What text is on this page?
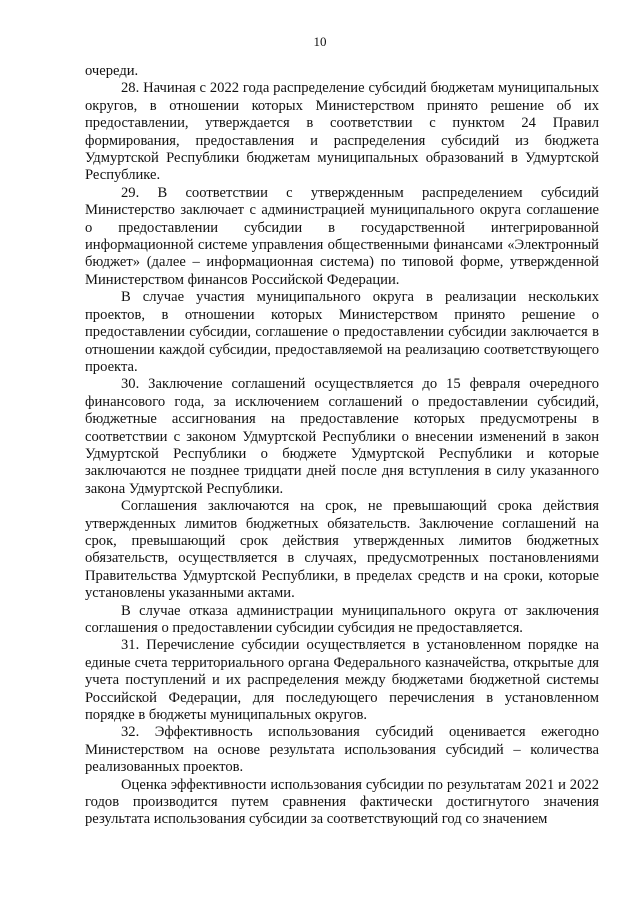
10

очереди.

28. Начиная с 2022 года распределение субсидий бюджетам муниципальных округов, в отношении которых Министерством принято решение об их предоставлении, утверждается в соответствии с пунктом 24 Правил формирования, предоставления и распределения субсидий из бюджета Удмуртской Республики бюджетам муниципальных образований в Удмуртской Республике.

29. В соответствии с утвержденным распределением субсидий Министерство заключает с администрацией муниципального округа соглашение о предоставлении субсидии в государственной интегрированной информационной системе управления общественными финансами «Электронный бюджет» (далее – информационная система) по типовой форме, утвержденной Министерством финансов Российской Федерации.

В случае участия муниципального округа в реализации нескольких проектов, в отношении которых Министерством принято решение о предоставлении субсидии, соглашение о предоставлении субсидии заключается в отношении каждой субсидии, предоставляемой на реализацию соответствующего проекта.

30. Заключение соглашений осуществляется до 15 февраля очередного финансового года, за исключением соглашений о предоставлении субсидий, бюджетные ассигнования на предоставление которых предусмотрены в соответствии с законом Удмуртской Республики о внесении изменений в закон Удмуртской Республики о бюджете Удмуртской Республики и которые заключаются не позднее тридцати дней после дня вступления в силу указанного закона Удмуртской Республики.

Соглашения заключаются на срок, не превышающий срока действия утвержденных лимитов бюджетных обязательств. Заключение соглашений на срок, превышающий срок действия утвержденных лимитов бюджетных обязательств, осуществляется в случаях, предусмотренных постановлениями Правительства Удмуртской Республики, в пределах средств и на сроки, которые установлены указанными актами.

В случае отказа администрации муниципального округа от заключения соглашения о предоставлении субсидии субсидия не предоставляется.

31. Перечисление субсидии осуществляется в установленном порядке на единые счета территориального органа Федерального казначейства, открытые для учета поступлений и их распределения между бюджетами бюджетной системы Российской Федерации, для последующего перечисления в установленном порядке в бюджеты муниципальных округов.

32. Эффективность использования субсидий оценивается ежегодно Министерством на основе результата использования субсидий – количества реализованных проектов.

Оценка эффективности использования субсидии по результатам 2021 и 2022 годов производится путем сравнения фактически достигнутого значения результата использования субсидии за соответствующий год со значением
